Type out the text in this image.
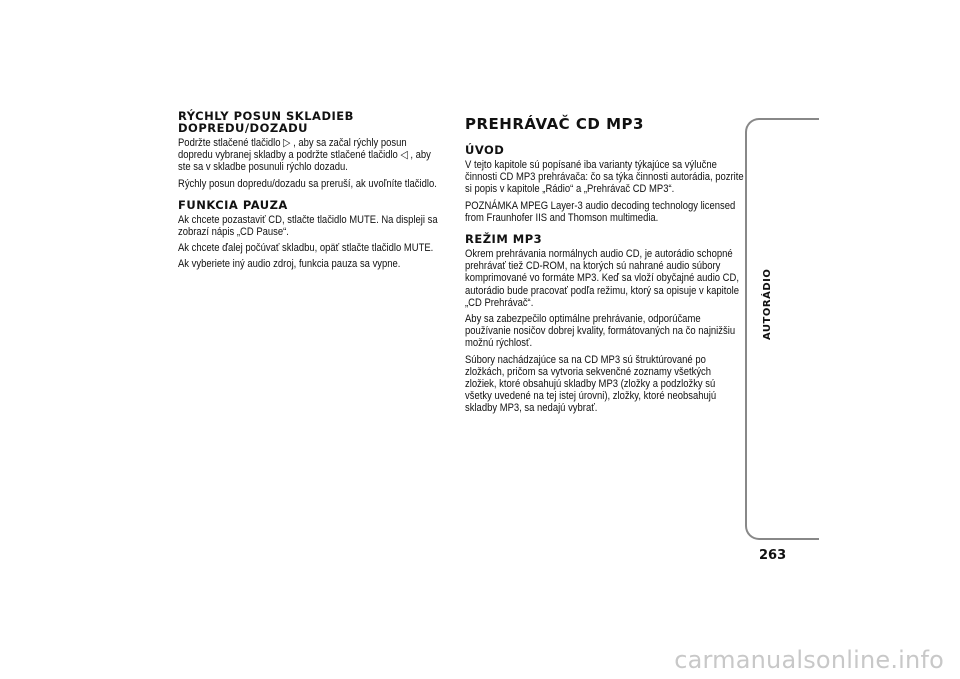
RÝCHLY POSUN SKLADIEB DOPREDU/DOZADU

Podržte stlačené tlačidlo ▷ , aby sa začal rýchly posun dopredu vybranej skladby a podržte stlačené tlačidlo ◁ , aby ste sa v skladbe posunuli rýchlo dozadu.

Rýchly posun dopredu/dozadu sa preruší, ak uvoľníte tlačidlo.

FUNKCIA PAUZA

Ak chcete pozastaviť CD, stlačte tlačidlo MUTE. Na displeji sa zobrazí nápis „CD Pause“.

Ak chcete ďalej počúvať skladbu, opäť stlačte tlačidlo MUTE.

Ak vyberiete iný audio zdroj, funkcia pauza sa vypne.

PREHRÁVAČ CD MP3
ÚVOD

V tejto kapitole sú popísané iba varianty týkajúce sa výlučne činnosti CD MP3 prehrávača: čo sa týka činnosti autorádia, pozrite si popis v kapitole „Rádio“ a „Prehrávač CD MP3“.

POZNÁMKA MPEG Layer-3 audio decoding technology licensed from Fraunhofer IIS and Thomson multimedia.

REŽIM MP3

Okrem prehrávania normálnych audio CD, je autorádio schopné prehrávať tiež CD-ROM, na ktorých sú nahrané audio súbory komprimované vo formáte MP3. Keď sa vloží obyčajné audio CD, autorádio bude pracovať podľa režimu, ktorý sa opisuje v kapitole „CD Prehrávač“.

Aby sa zabezpečilo optimálne prehrávanie, odporúčame používanie nosičov dobrej kvality, formátovaných na čo najnižšiu možnú rýchlosť.

Súbory nachádzajúce sa na CD MP3 sú štruktúrované po zložkách, pričom sa vytvoria sekvenčné zoznamy všetkých zložiek, ktoré obsahujú skladby MP3 (zložky a podzložky sú všetky uvedené na tej istej úrovni), zložky, ktoré neobsahujú skladby MP3, sa nedajú vybrať.

AUTORÁDIO
263
carmanualsonline.info
